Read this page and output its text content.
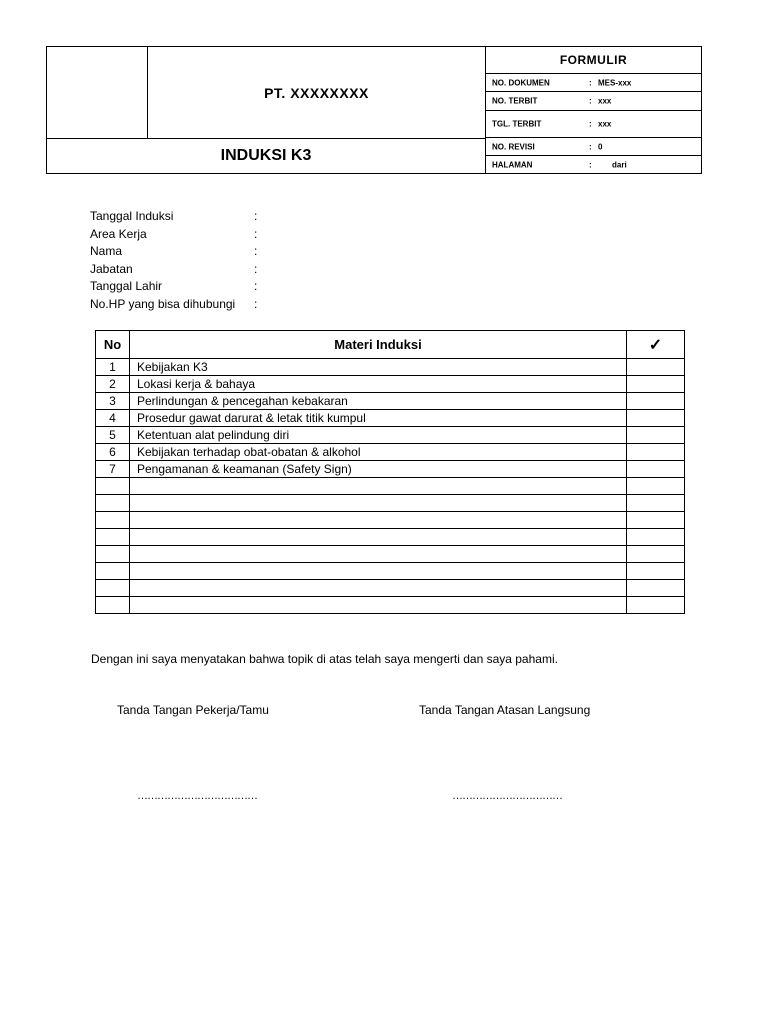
PT. XXXXXXXX
INDUKSI K3
FORMULIR
NO. DOKUMEN	: MES-xxx
NO. TERBIT	: xxx
TGL. TERBIT	: xxx
NO. REVISI	: 0
HALAMAN	:	dari
Tanggal Induksi	:
Area Kerja	:
Nama	:
Jabatan	:
Tanggal Lahir	:
No.HP yang bisa dihubungi :
No	Materi Induksi	✓
1	Kebijakan K3	
2	Lokasi kerja & bahaya	
3	Perlindungan & pencegahan kebakaran	
4	Prosedur gawat darurat & letak titik kumpul	
5	Ketentuan alat pelindung diri	
6	Kebijakan terhadap obat-obatan & alkohol	
7	Pengamanan & keamanan (Safety Sign)	

Dengan ini saya menyatakan bahwa topik di atas telah saya mengerti dan saya pahami.
Tanda Tangan Pekerja/Tamu	Tanda Tangan Atasan Langsung
………………………………	……………………………
